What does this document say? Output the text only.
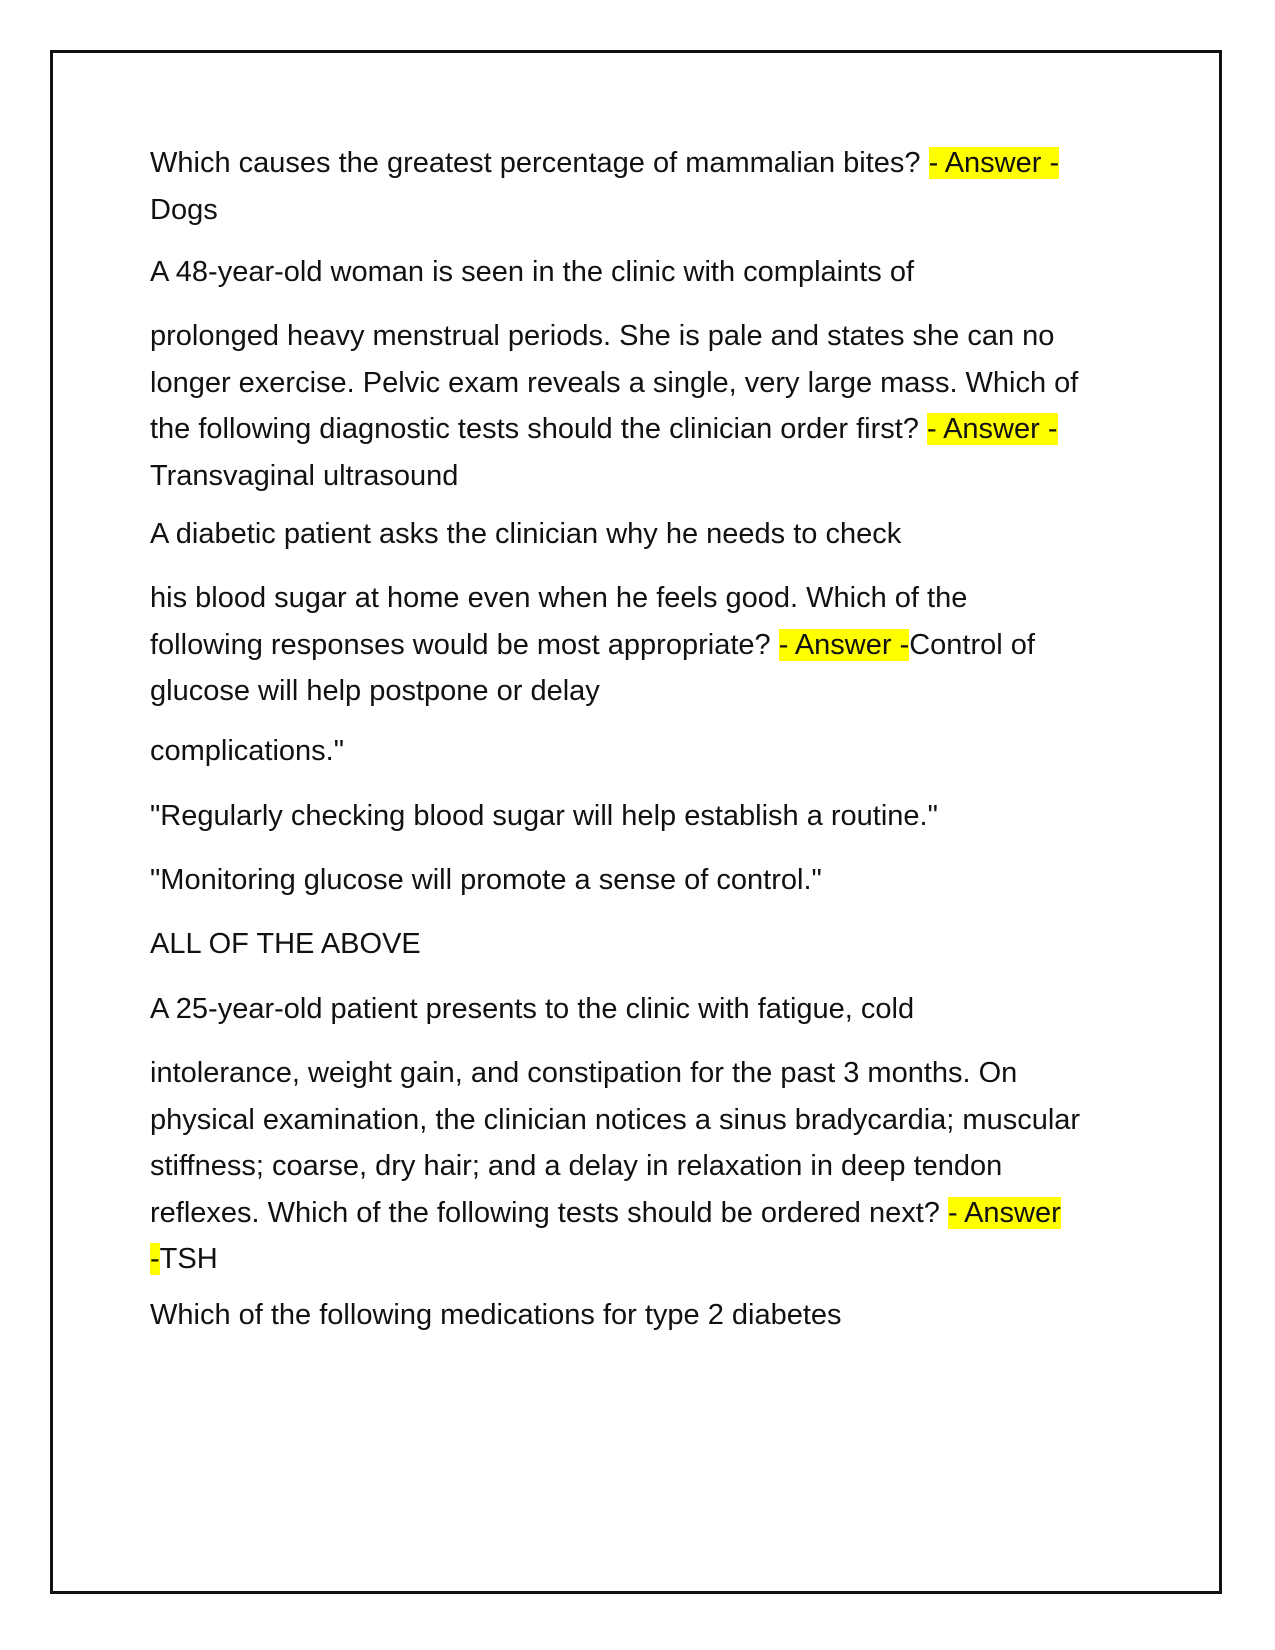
Which causes the greatest percentage of mammalian bites? - Answer -
Dogs
A 48-year-old woman is seen in the clinic with complaints of
prolonged heavy menstrual periods. She is pale and states she can no
longer exercise. Pelvic exam reveals a single, very large mass. Which of
the following diagnostic tests should the clinician order first? - Answer -
Transvaginal ultrasound
A diabetic patient asks the clinician why he needs to check
his blood sugar at home even when he feels good. Which of the
following responses would be most appropriate? - Answer -Control of
glucose will help postpone or delay
complications."
"Regularly checking blood sugar will help establish a routine."
"Monitoring glucose will promote a sense of control."
ALL OF THE ABOVE
A 25-year-old patient presents to the clinic with fatigue, cold
intolerance, weight gain, and constipation for the past 3 months. On
physical examination, the clinician notices a sinus bradycardia; muscular
stiffness; coarse, dry hair; and a delay in relaxation in deep tendon
reflexes. Which of the following tests should be ordered next? - Answer
-TSH
Which of the following medications for type 2 diabetes
